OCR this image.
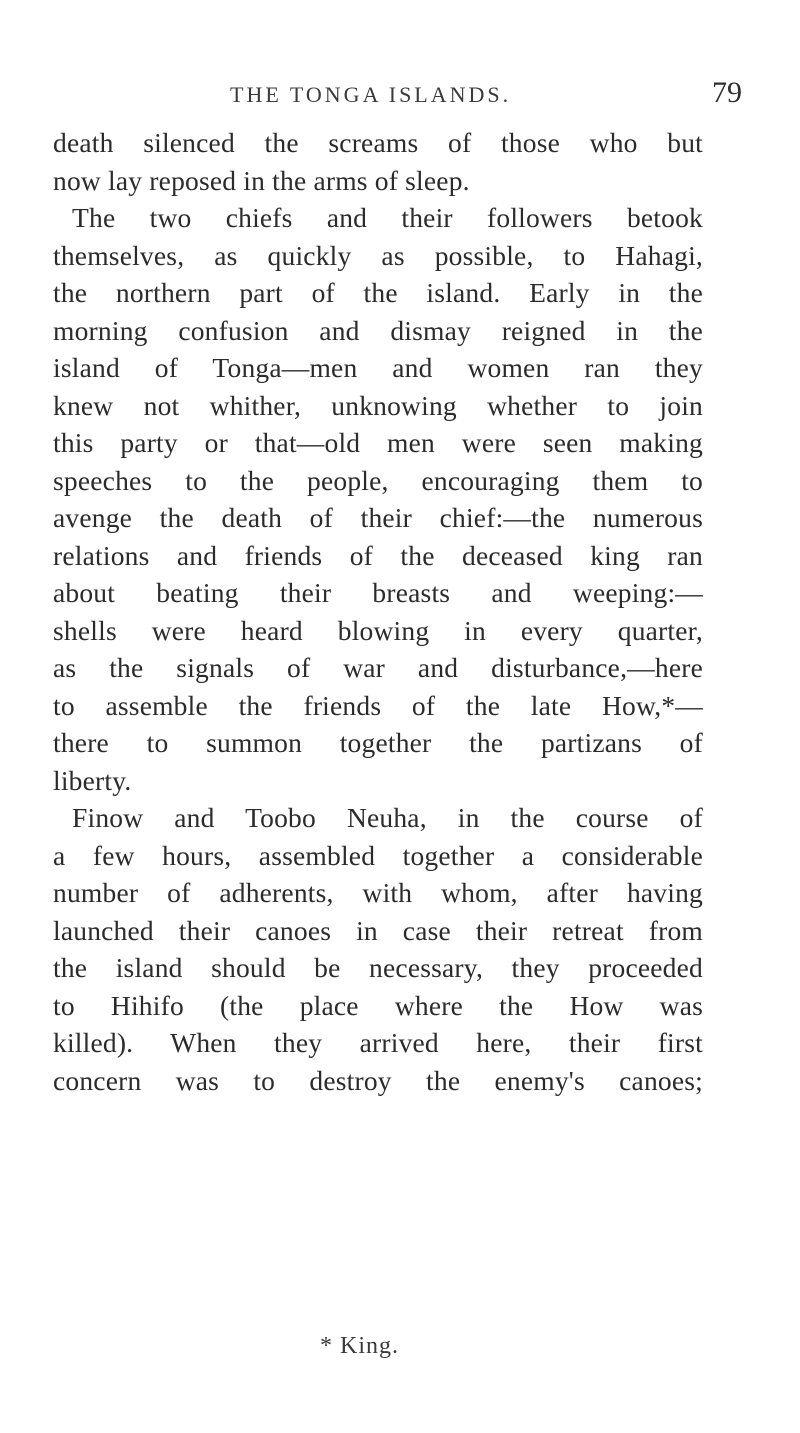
THE TONGA ISLANDS.	79
death silenced the screams of those who but
now lay reposed in the arms of sleep.
The two chiefs and their followers betook
themselves, as quickly as possible, to Hahagi,
the northern part of the island. Early in the
morning confusion and dismay reigned in the
island of Tonga—men and women ran they
knew not whither, unknowing whether to join
this party or that—old men were seen making
speeches to the people, encouraging them to
avenge the death of their chief:—the numerous
relations and friends of the deceased king ran
about beating their breasts and weeping:—
shells were heard blowing in every quarter,
as the signals of war and disturbance,—here
to assemble the friends of the late How,*—
there to summon together the partizans of
liberty.
Finow and Toobo Neuha, in the course of
a few hours, assembled together a considerable
number of adherents, with whom, after having
launched their canoes in case their retreat from
the island should be necessary, they proceeded
to Hihifo (the place where the How was
killed). When they arrived here, their first
concern was to destroy the enemy's canoes;
* King.
